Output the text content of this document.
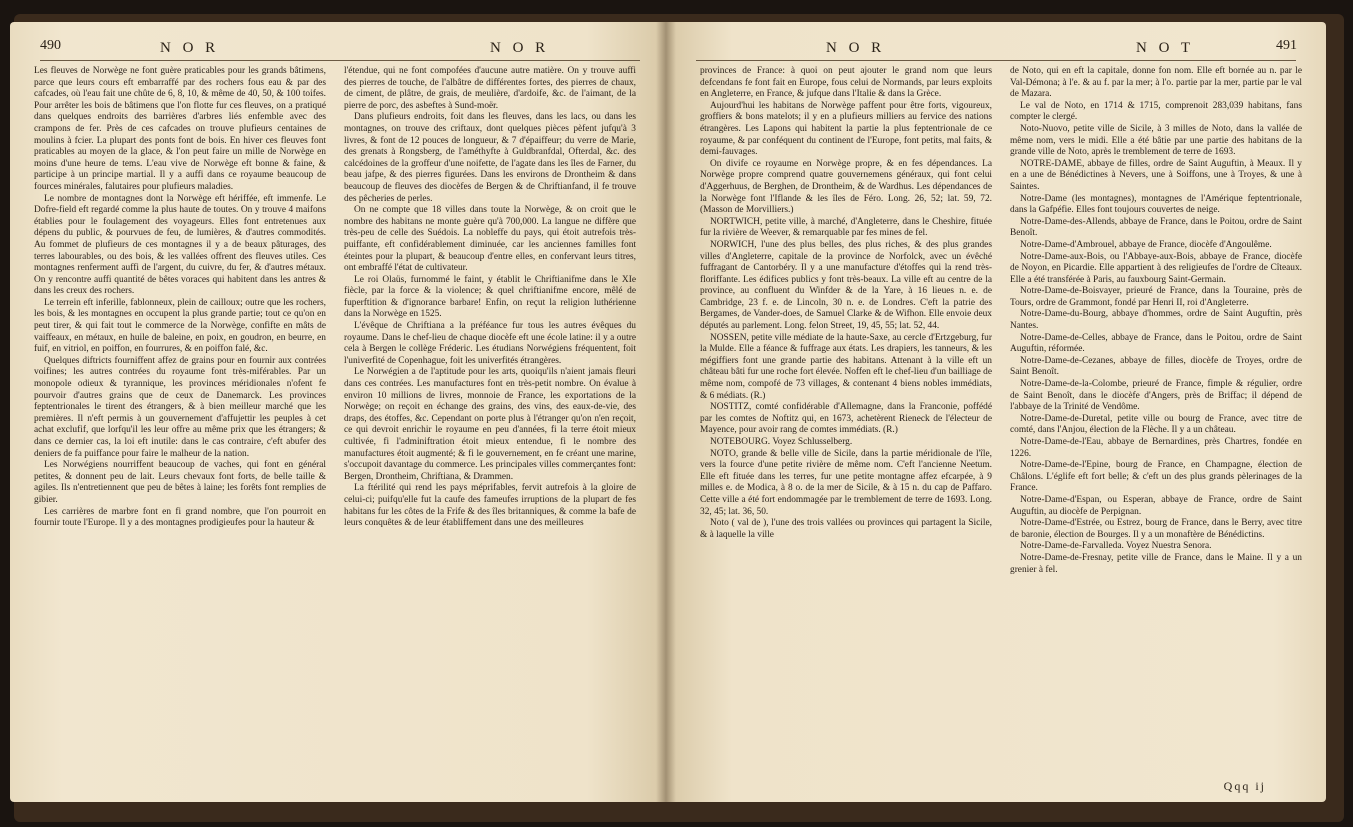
490	N O R	N O R

Les fleuves de Norwège ne font guère praticables pour les grands bâtimens, parce que leurs cours eft embarraffé par des rochers fous eau & par des cafcades, où l'eau fait une chûte de 6, 8, 10, & même de 40, 50, & 100 toifes. Pour arrêter les bois de bâtimens que l'on flotte fur ces fleuves, on a pratiqué dans quelques endroits des barrières d'arbres liés enfemble avec des crampons de fer. Près de ces cafcades on trouve plufieurs centaines de moulins à fcier. La plupart des ponts font de bois. En hiver ces fleuves font praticables au moyen de la glace, & l'on peut faire un mille de Norwège en moins d'une heure de tems. L'eau vive de Norwège eft bonne & faine, & participe à un principe martial. Il y a auffi dans ce royaume beaucoup de fources minérales, falutaires pour plufieurs maladies.

Le nombre de montagnes dont la Norwège eft hériffée, eft immenfe. Le Dofre-field eft regardé comme la plus haute de toutes. On y trouve 4 maifons établies pour le foulagement des voyageurs. Elles font entretenues aux dépens du public, & pourvues de feu, de lumières, & d'autres commodités. Au fommet de plufieurs de ces montagnes il y a de beaux pâturages, des terres labourables, ou des bois, & les vallées offrent des fleuves utiles. Ces montagnes renferment auffi de l'argent, du cuivre, du fer, & d'autres métaux. On y rencontre auffi quantité de bêtes voraces qui habitent dans les antres & dans les creux des rochers.

Le terrein eft inferille, fablonneux, plein de cailloux; outre que les rochers, les bois, & les montagnes en occupent la plus grande partie; tout ce qu'on en peut tirer, & qui fait tout le commerce de la Norwège, confifte en mâts de vaiffeaux, en métaux, en huile de baleine, en poix, en goudron, en beurre, en fuif, en vitriol, en poiffon, en fourrures, & en poiffon falé, &c.

Quelques diftricts fourniffent affez de grains pour en fournir aux contrées voifines; les autres contrées du royaume font très-miférables. Par un monopole odieux & tyrannique, les provinces méridionales n'ofent fe pourvoir d'autres grains que de ceux de Danemarck. Les provinces feptentrionales le tirent des étrangers, & à bien meilleur marché que les premières. Il n'eft permis à un gouvernement d'affujettir les peuples à cet achat exclufif, que lorfqu'il les leur offre au même prix que les étrangers; & dans ce dernier cas, la loi eft inutile: dans le cas contraire, c'eft abufer des deniers de fa puiffance pour faire le malheur de la nation.

Les Norwégiens nourriffent beaucoup de vaches, qui font en général petites, & donnent peu de lait. Leurs chevaux font forts, de belle taille & agiles. Ils n'entretiennent que peu de bêtes à laine; les forêts font remplies de gibier.

Les carrières de marbre font en fi grand nombre, que l'on pourroit en fournir toute l'Europe. Il y a des montagnes prodigieufes pour la hauteur &

l'étendue, qui ne font compofées d'aucune autre matière. On y trouve auffi des pierres de touche, de l'albâtre de différentes fortes, des pierres de chaux, de ciment, de plâtre, de grais, de meulière, d'ardoife, &c. de l'aimant, de la pierre de porc, des asbeftes à Sund-moër.

Dans plufieurs endroits, foit dans les fleuves, dans les lacs, ou dans les montagnes, on trouve des criftaux, dont quelques pièces pèfent jufqu'à 3 livres, & font de 12 pouces de longueur, & 7 d'épaiffeur; du verre de Marie, des grenats à Rongsberg, de l'améthyfte à Guldbranfdal, Ofterdal, &c. des calcédoines de la groffeur d'une noifette, de l'agate dans les îles de Farner, du beau jafpe, & des pierres figurées. Dans les environs de Drontheim & dans beaucoup de fleuves des diocèfes de Bergen & de Chriftianfand, il fe trouve des pêcheries de perles.

On ne compte que 18 villes dans toute la Norwège, & on croit que le nombre des habitans ne monte guère qu'à 700,000. La langue ne diffère que très-peu de celle des Suédois. La nobleffe du pays, qui étoit autrefois très-puiffante, eft confidérablement diminuée, car les anciennes familles font éteintes pour la plupart, & beaucoup d'entre elles, en confervant leurs titres, ont embraffé l'état de cultivateur.

Le roi Olaüs, furnommé le faint, y établit le Chriftianifme dans le XIe fiècle, par la force & la violence; & quel chriftianifme encore, mêlé de fuperftition & d'ignorance barbare! Enfin, on reçut la religion luthérienne dans la Norwège en 1525.

L'évêque de Chriftiana a la préféance fur tous les autres évêques du royaume. Dans le chef-lieu de chaque diocèfe eft une école latine: il y a outre cela à Bergen le collège Fréderic. Les étudians Norwégiens fréquentent, foit l'univerfité de Copenhague, foit les univerfités étrangères.

Le Norwégien a de l'aptitude pour les arts, quoiqu'ils n'aient jamais fleuri dans ces contrées. Les manufactures font en très-petit nombre. On évalue à environ 10 millions de livres, monnoie de France, les exportations de la Norwège; on reçoit en échange des grains, des vins, des eaux-de-vie, des draps, des étoffes, &c. Cependant on porte plus à l'étranger qu'on n'en reçoit, ce qui devroit enrichir le royaume en peu d'années, fi la terre étoit mieux cultivée, fi l'adminiftration étoit mieux entendue, fi le nombre des manufactures étoit augmenté; & fi le gouvernement, en fe créant une marine, s'occupoit davantage du commerce. Les principales villes commerçantes font: Bergen, Drontheim, Chriftiana, & Drammen.

La ftérilité qui rend les pays méprifables, fervit autrefois à la gloire de celui-ci; puifqu'elle fut la caufe des fameufes irruptions de la plupart de fes habitans fur les côtes de la Frife & des îles britanniques, & comme la bafe de leurs conquêtes & de leur établiffement dans une des meilleures

N O R	N O T	491

provinces de France: à quoi on peut ajouter le grand nom que leurs defcendans fe font fait en Europe, fous celui de Normands, par leurs exploits en Angleterre, en France, & jufque dans l'Italie & dans la Grèce.

Aujourd'hui les habitans de Norwège paffent pour être forts, vigoureux, groffiers & bons matelots; il y en a plufieurs milliers au fervice des nations étrangères. Les Lapons qui habitent la partie la plus feptentrionale de ce royaume, & par conféquent du continent de l'Europe, font petits, mal faits, & demi-fauvages.

On divife ce royaume en Norwège propre, & en fes dépendances. La Norwège propre comprend quatre gouvernemens généraux, qui font celui d'Aggerhuus, de Berghen, de Drontheim, & de Wardhus. Les dépendances de la Norwège font l'Iflande & les îles de Féro. Long. 26, 52; lat. 59, 72. (Masson de Morvilliers.)

NORTWICH, petite ville, à marché, d'Angleterre, dans le Cheshire, fituée fur la rivière de Weever, & remarquable par fes mines de fel.

NORWICH, l'une des plus belles, des plus riches, & des plus grandes villes d'Angleterre, capitale de la province de Norfolck, avec un évêché fuffragant de Cantorbéry. Il y a une manufacture d'étoffes qui la rend très-floriffante. Les édifices publics y font très-beaux. La ville eft au centre de la province, au confluent du Winfder & de la Yare, à 16 lieues n. e. de Cambridge, 23 f. e. de Lincoln, 30 n. e. de Londres. C'eft la patrie des Bergames, de Vander-does, de Samuel Clarke & de Wifhon. Elle envoie deux députés au parlement. Long. felon Street, 19, 45, 55; lat. 52, 44.

NOSSEN, petite ville médiate de la haute-Saxe, au cercle d'Ertzgeburg, fur la Mulde. Elle a féance & fuffrage aux états. Les drapiers, les tanneurs, & les mégiffiers font une grande partie des habitans. Attenant à la ville eft un château bâti fur une roche fort élevée. Noffen eft le chef-lieu d'un bailliage de même nom, compofé de 73 villages, & contenant 4 biens nobles immédiats, & 6 médiats. (R.)

NOSTITZ, comté confidérable d'Allemagne, dans la Franconie, poffédé par les comtes de Noftitz qui, en 1673, achetèrent Rieneck de l'électeur de Mayence, pour avoir rang de comtes immédiats. (R.)

NOTEBOURG. Voyez Schlusselberg.

NOTO, grande & belle ville de Sicile, dans la partie méridionale de l'île, vers la fource d'une petite rivière de même nom. C'eft l'ancienne Neetum. Elle eft fituée dans les terres, fur une petite montagne affez efcarpée, à 9 milles e. de Modica, à 8 o. de la mer de Sicile, & à 15 n. du cap de Paffaro. Cette ville a été fort endommagée par le tremblement de terre de 1693. Long. 32, 45; lat. 36, 50.

Noto ( val de ), l'une des trois vallées ou provinces qui partagent la Sicile, & à laquelle la ville

de Noto, qui en eft la capitale, donne fon nom. Elle eft bornée au n. par le Val-Démona; à l'e. & au f. par la mer; à l'o. partie par la mer, partie par le val de Mazara.

Le val de Noto, en 1714 & 1715, comprenoit 283,039 habitans, fans compter le clergé.

Noto-Nuovo, petite ville de Sicile, à 3 milles de Noto, dans la vallée de même nom, vers le midi. Elle a été bâtie par une partie des habitans de la grande ville de Noto, après le tremblement de terre de 1693.

NOTRE-DAME, abbaye de filles, ordre de Saint Auguftin, à Meaux. Il y en a une de Bénédictines à Nevers, une à Soiffons, une à Troyes, & une à Saintes.

Notre-Dame (les montagnes), montagnes de l'Amérique feptentrionale, dans la Gafpéfie. Elles font toujours couvertes de neige.

Notre-Dame-des-Allends, abbaye de France, dans le Poitou, ordre de Saint Benoît.

Notre-Dame-d'Ambrouel, abbaye de France, diocèfe d'Angoulême.

Notre-Dame-aux-Bois, ou l'Abbaye-aux-Bois, abbaye de France, diocèfe de Noyon, en Picardie. Elle appartient à des religieufes de l'ordre de Cîteaux. Elle a été transférée à Paris, au fauxbourg Saint-Germain.

Notre-Dame-de-Boisvayer, prieuré de France, dans la Touraine, près de Tours, ordre de Grammont, fondé par Henri II, roi d'Angleterre.

Notre-Dame-du-Bourg, abbaye d'hommes, ordre de Saint Auguftin, près Nantes.

Notre-Dame-de-Celles, abbaye de France, dans le Poitou, ordre de Saint Auguftin, réformée.

Notre-Dame-de-Cezanes, abbaye de filles, diocèfe de Troyes, ordre de Saint Benoît.

Notre-Dame-de-la-Colombe, prieuré de France, fimple & régulier, ordre de Saint Benoît, dans le diocèfe d'Angers, près de Briffac; il dépend de l'abbaye de la Trinité de Vendôme.

Notre-Dame-de-Duretal, petite ville ou bourg de France, avec titre de comté, dans l'Anjou, élection de la Flèche. Il y a un château.

Notre-Dame-de-l'Eau, abbaye de Bernardines, près Chartres, fondée en 1226.

Notre-Dame-de-l'Epine, bourg de France, en Champagne, élection de Châlons. L'églife eft fort belle; & c'eft un des plus grands pèlerinages de la France.

Notre-Dame-d'Espan, ou Esperan, abbaye de France, ordre de Saint Auguftin, au diocèfe de Perpignan.

Notre-Dame-d'Estrée, ou Estrez, bourg de France, dans le Berry, avec titre de baronie, élection de Bourges. Il y a un monaftère de Bénédictins.

Notre-Dame-de-Farvalleda. Voyez Nuestra Senora.

Notre-Dame-de-Fresnay, petite ville de France, dans le Maine. Il y a un grenier à fel.

Qqq ij
